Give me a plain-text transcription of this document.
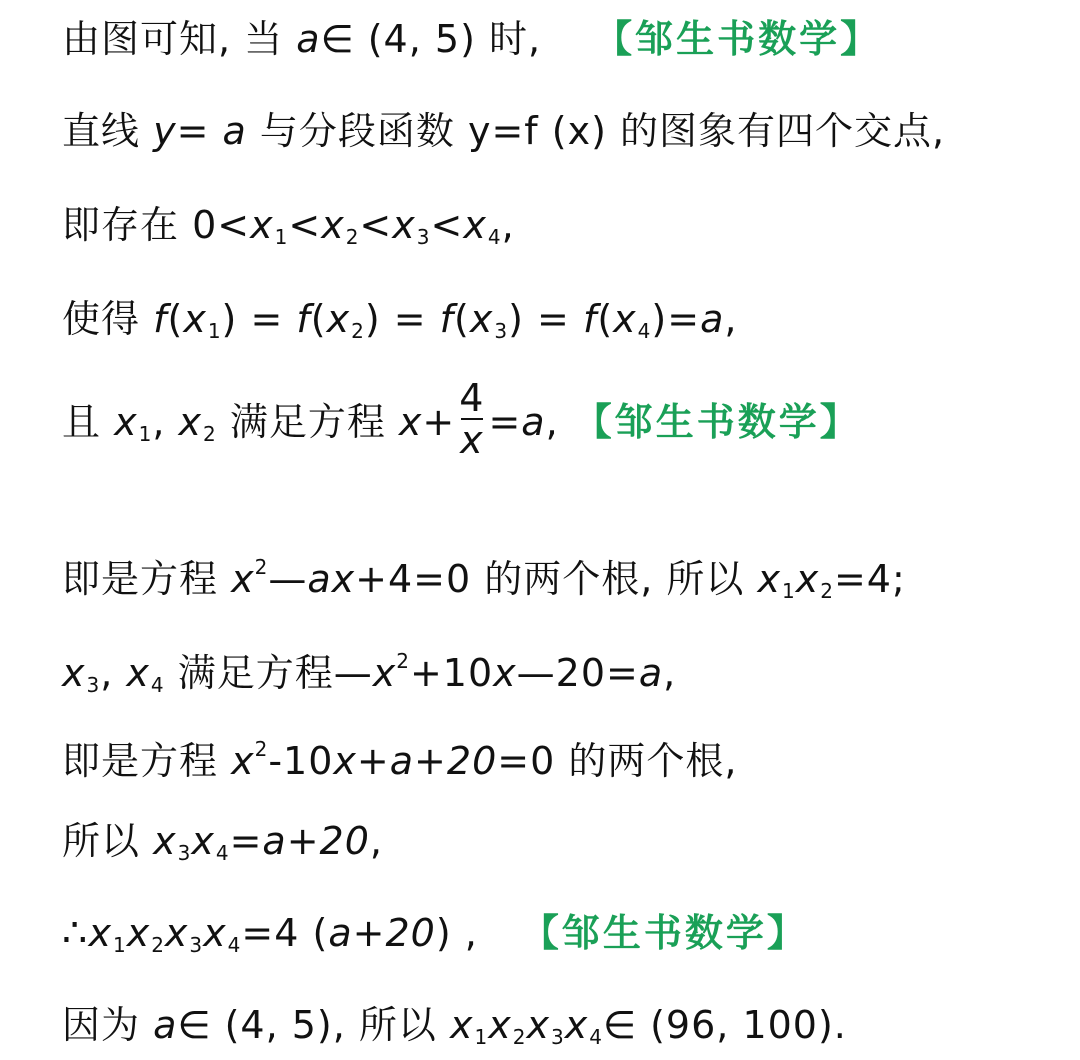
由图可知, 当 a∈ (4, 5) 时, 【邹生书数学】
直线 y= a 与分段函数 y=f (x) 的图象有四个交点,
即存在 $0<x_1<x_2<x_3<x_4$,
使得 $f(x_1) = f(x_2) = f(x_3) = f(x_4)=a$,
且 $x_1$, $x_2$ 满足方程 $x+ \frac{4}{x} =a$, 【邹生书数学】
即是方程 $x^2—ax+4=0$ 的两个根, 所以 $x_1x_2=4$;
$x_3$, $x_4$ 满足方程$—x^2+10x—20=a$,
即是方程 $x^2-10x+a+20=0$ 的两个根,
所以 $x_3x_4=a+20$,
$\therefore x_1x_2x_3x_4=4$ (a+20) , 【邹生书数学】
因为 a∈ (4, 5), 所以 $x_1x_2x_3x_4\in$ (96, 100).
